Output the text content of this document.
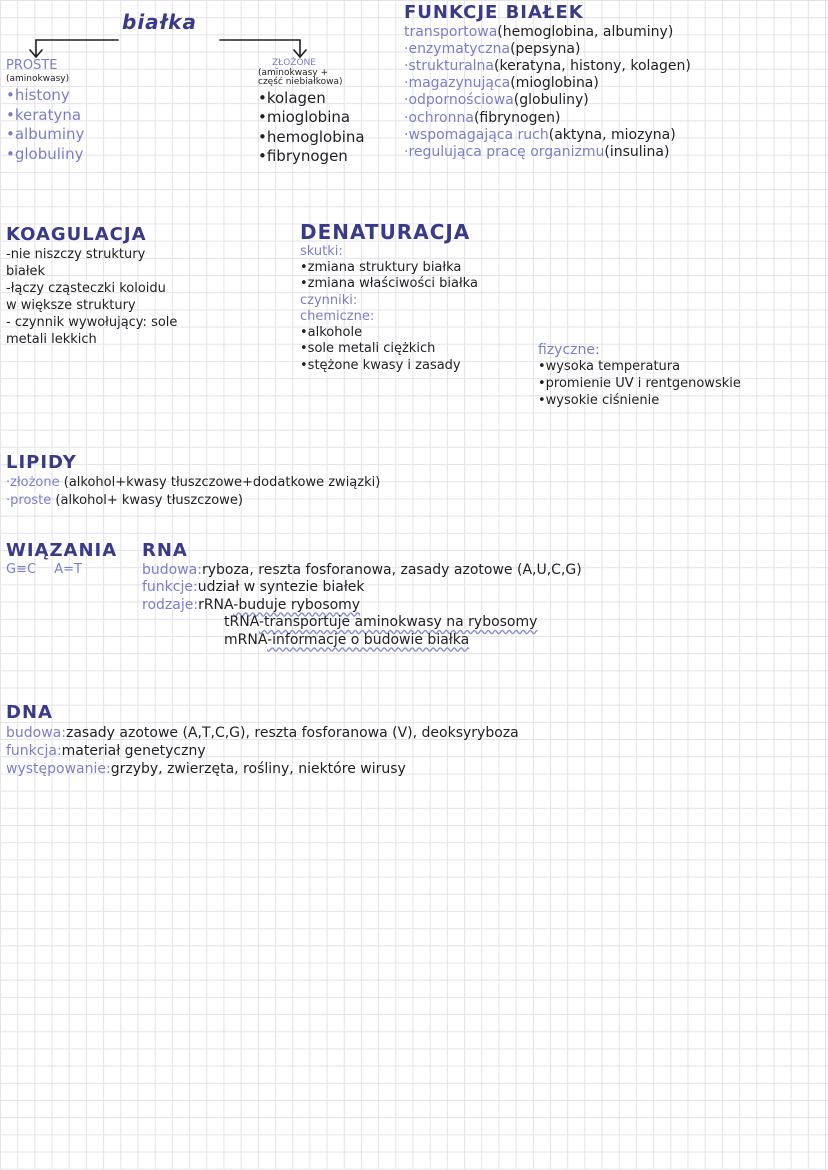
białka
PROSTE
(aminokwasy)
•histony
•keratyna
•albuminy
•globuliny
ZŁOŻONE
(aminokwasy +
część niebiałkowa)
•kolagen
•mioglobina
•hemoglobina
•fibrynogen
FUNKCJE BIAŁEK
transportowa(hemoglobina, albuminy)
·enzymatyczna(pepsyna)
·strukturalna(keratyna, histony, kolagen)
·magazynująca(mioglobina)
·odpornościowa(globuliny)
·ochronna(fibrynogen)
·wspomagająca ruch(aktyna, miozyna)
·regulująca pracę organizmu(insulina)
KOAGULACJA
-nie niszczy struktury
białek
-łączy cząsteczki koloidu
w większe struktury
- czynnik wywołujący: sole
metali lekkich
DENATURACJA
skutki:
•zmiana struktury białka
•zmiana właściwości białka
czynniki:
chemiczne:
•alkohole
•sole metali ciężkich
•stężone kwasy i zasady
fizyczne:
•wysoka temperatura
•promienie UV i rentgenowskie
•wysokie ciśnienie
LIPIDY
·złożone (alkohol+kwasy tłuszczowe+dodatkowe związki)
·proste (alkohol+ kwasy tłuszczowe)
WIĄZANIA
G≡C A=T
RNA
budowa:ryboza, reszta fosforanowa, zasady azotowe (A,U,C,G)
funkcje:udział w syntezie białek
rodzaje:rRNA-buduje rybosomy
tRNA-transportuje aminokwasy na rybosomy
mRNA-informacje o budowie białka
DNA
budowa:zasady azotowe (A,T,C,G), reszta fosforanowa (V), deoksyryboza
funkcja:materiał genetyczny
występowanie:grzyby, zwierzęta, rośliny, niektóre wirusy
